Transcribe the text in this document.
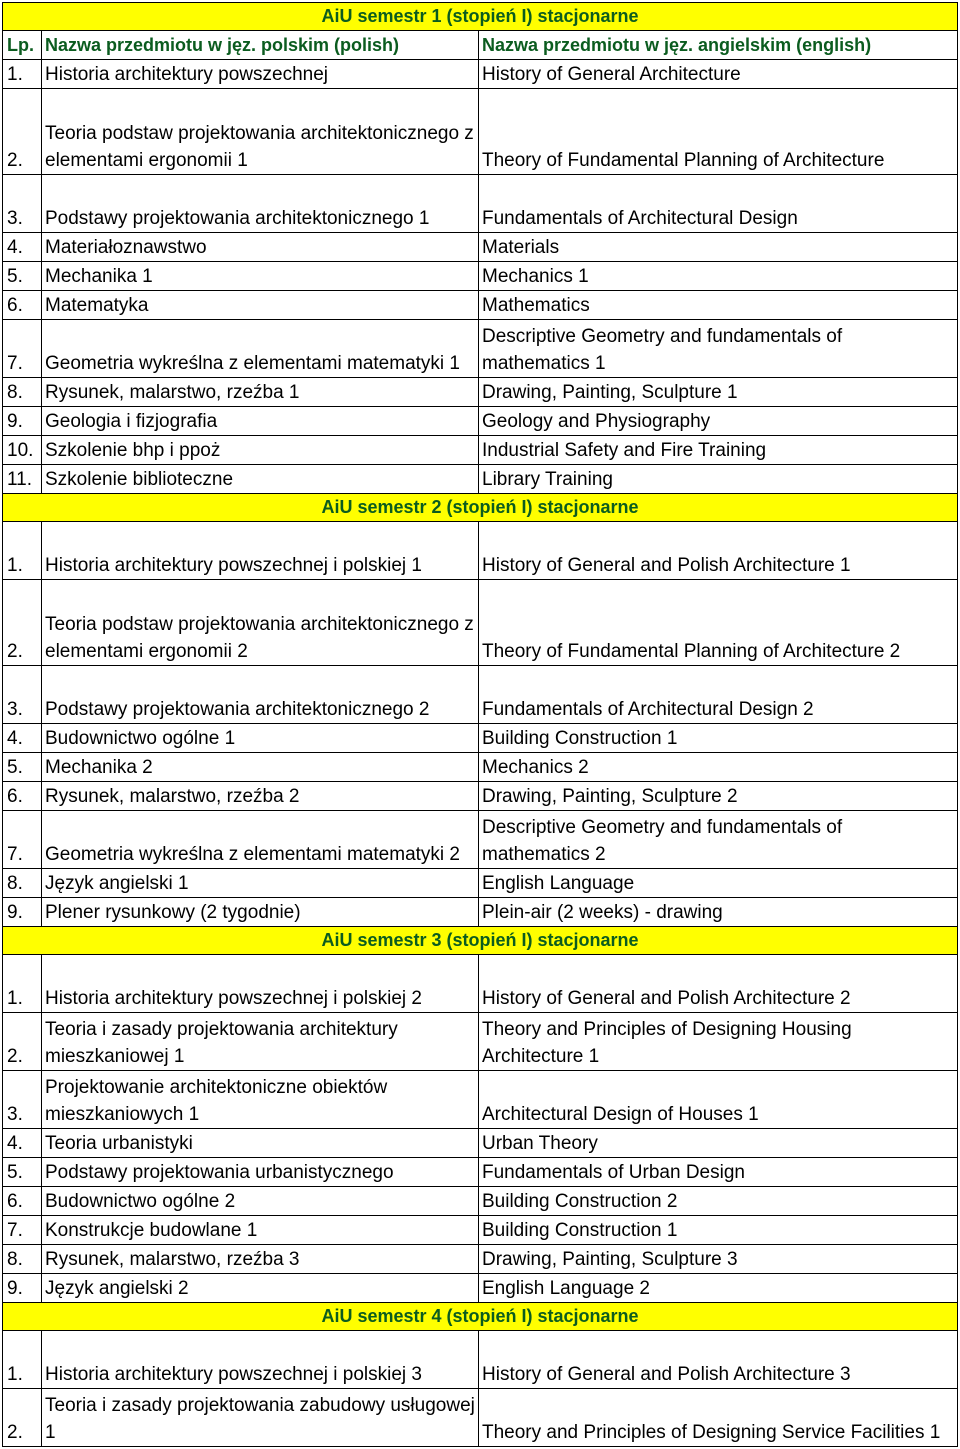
AiU semestr 1 (stopień I) stacjonarne		
Lp.	Nazwa przedmiotu w jęz. polskim (polish)	Nazwa przedmiotu w jęz. angielskim (english)
1.	Historia architektury powszechnej	History of General Architecture
2.	Teoria podstaw projektowania architektonicznego z elementami ergonomii 1	Theory of Fundamental Planning of Architecture
3.	Podstawy projektowania architektonicznego 1	Fundamentals of Architectural Design
4.	Materiałoznawstwo	Materials
5.	Mechanika 1	Mechanics 1
6.	Matematyka	Mathematics
7.	Geometria wykreślna z elementami matematyki 1	Descriptive Geometry and fundamentals of mathematics 1
8.	Rysunek, malarstwo, rzeźba 1	Drawing, Painting, Sculpture 1
9.	Geologia i fizjografia	Geology and Physiography
10.	Szkolenie bhp i ppoż	Industrial Safety and Fire Training
11.	Szkolenie biblioteczne	Library Training
AiU semestr 2 (stopień I) stacjonarne		
1.	Historia architektury powszechnej i polskiej 1	History of General and Polish Architecture 1
2.	Teoria podstaw projektowania architektonicznego z elementami ergonomii 2	Theory of Fundamental Planning of Architecture 2
3.	Podstawy projektowania architektonicznego 2	Fundamentals of Architectural Design 2
4.	Budownictwo ogólne 1	Building Construction 1
5.	Mechanika 2	Mechanics 2
6.	Rysunek, malarstwo, rzeźba 2	Drawing, Painting, Sculpture 2
7.	Geometria wykreślna z elementami matematyki 2	Descriptive Geometry and fundamentals of mathematics 2
8.	Język angielski 1	English Language
9.	Plener rysunkowy (2 tygodnie)	Plein-air (2 weeks) - drawing
AiU semestr 3 (stopień I) stacjonarne		
1.	Historia architektury powszechnej i polskiej 2	History of General and Polish Architecture 2
2.	Teoria i zasady projektowania architektury mieszkaniowej 1	Theory and Principles of Designing Housing Architecture 1
3.	Projektowanie architektoniczne obiektów mieszkaniowych 1	Architectural Design of Houses 1
4.	Teoria urbanistyki	Urban Theory
5.	Podstawy projektowania urbanistycznego	Fundamentals of Urban Design
6.	Budownictwo ogólne 2	Building Construction 2
7.	Konstrukcje budowlane 1	Building Construction 1
8.	Rysunek, malarstwo, rzeźba 3	Drawing, Painting, Sculpture 3
9.	Język angielski 2	English Language 2
AiU semestr 4 (stopień I) stacjonarne		
1.	Historia architektury powszechnej i polskiej 3	History of General and Polish Architecture 3
2.	Teoria i zasady projektowania zabudowy usługowej 1	Theory and Principles of Designing Service Facilities 1
